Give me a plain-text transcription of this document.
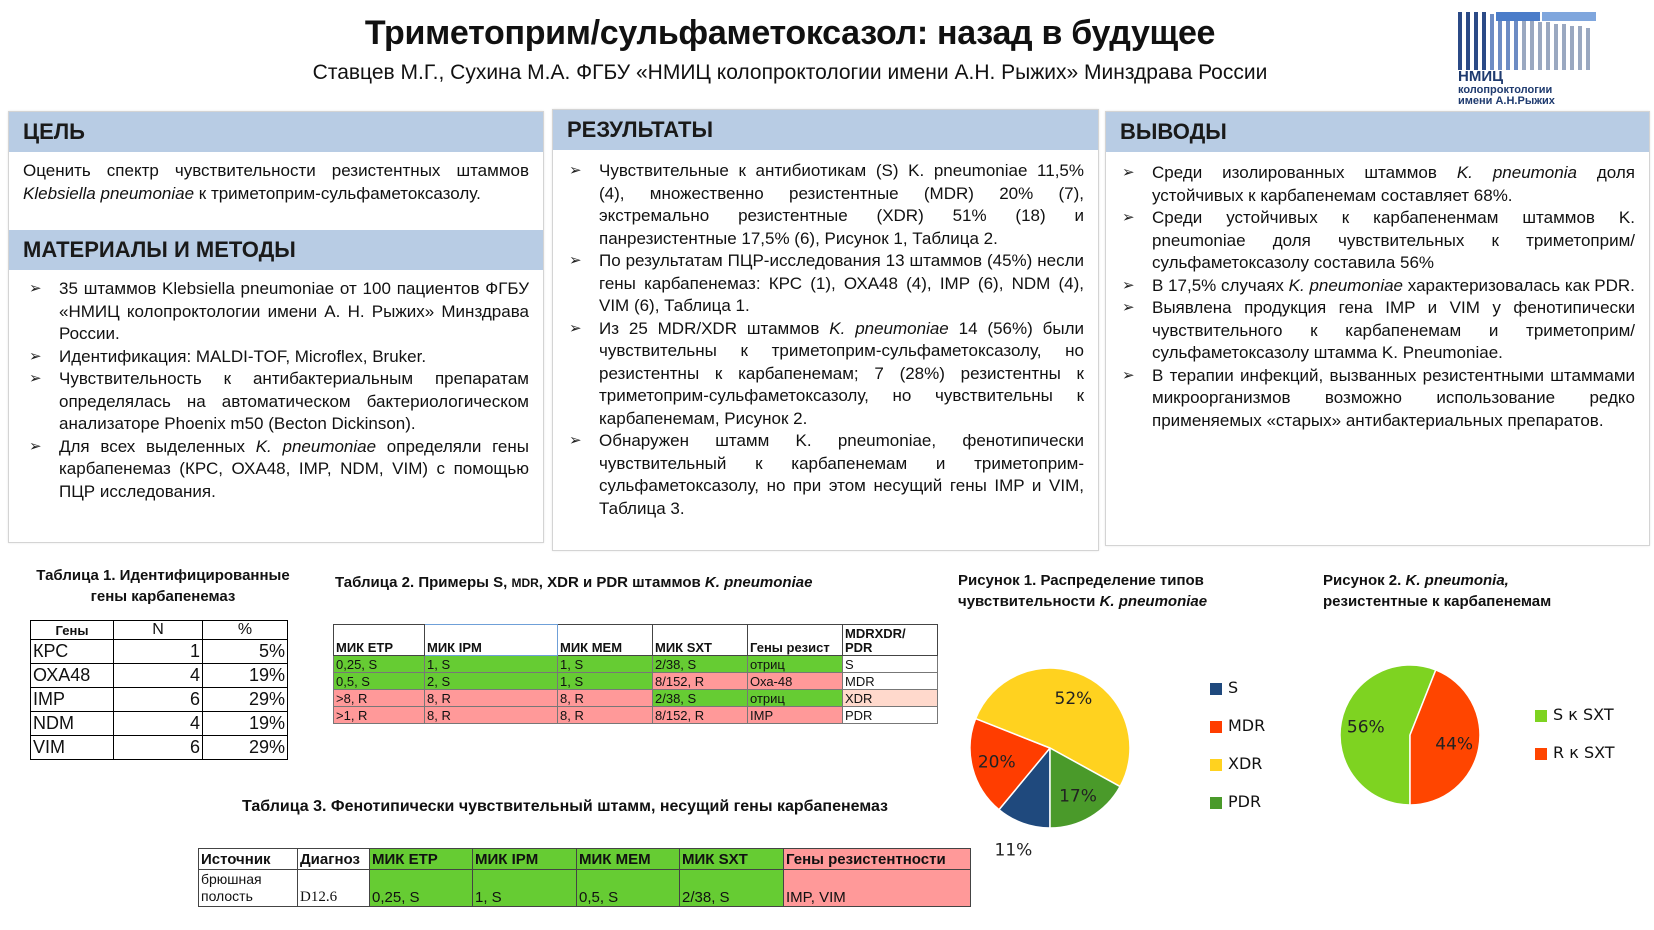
Триметоприм/сульфаметоксазол: назад в будущее
Ставцев М.Г., Сухина М.А. ФГБУ «НМИЦ колопроктологии имени А.Н. Рыжих» Минздрава России	НМИЦ
колопроктологии
имени А.Н.Рыжих
ЦЕЛЬ
Оценить спектр чувствительности резистентных штаммов Klebsiella pneumoniae к триметоприм-сульфаметоксазолу.
МАТЕРИАЛЫ И МЕТОДЫ
➢ 35 штаммов Klebsiella pneumoniae от 100 пациентов ФГБУ «НМИЦ колопроктологии имени А. Н. Рыжих» Минздрава России.
➢ Идентификация: MALDI-TOF, Microflex, Bruker.
➢ Чувствительность к антибактериальным препаратам определялась на автоматическом бактериологическом анализаторе Phoenix m50 (Becton Dickinson).
➢ Для всех выделенных K. pneumoniae определяли гены карбапенемаз (КРС, ОХА48, IMP, NDM, VIM) с помощью ПЦР исследования.
РЕЗУЛЬТАТЫ
➢ Чувствительные к антибиотикам (S) K. pneumoniae 11,5% (4), множественно резистентные (MDR) 20% (7), экстремально резистентные (XDR) 51% (18) и панрезистентные 17,5% (6), Рисунок 1, Таблица 2.
➢ По результатам ПЦР-исследования 13 штаммов (45%) несли гены карбапенемаз: КРС (1), ОХА48 (4), IMP (6), NDM (4), VIM (6), Таблица 1.
➢ Из 25 MDR/XDR штаммов K. pneumoniae 14 (56%) были чувствительны к триметоприм-сульфаметоксазолу, но резистентны к карбапенемам; 7 (28%) резистентны к триметоприм-сульфаметоксазолу, но чувствительны к карбапенемам, Рисунок 2.
➢ Обнаружен штамм K. pneumoniae, фенотипически чувствительный к карбапенемам и триметоприм-сульфаметоксазолу, но при этом несущий гены IMP и VIM, Таблица 3.
ВЫВОДЫ
➢ Среди изолированных штаммов K. pneumonia доля устойчивых к карбапенемам составляет 68%.
➢ Среди устойчивых к карбапененмам штаммов K. pneumoniae доля чувствительных к триметоприм/сульфаметоксазолу составила 56%
➢ В 17,5% случаях K. pneumoniae характеризовалась как PDR.
➢ Выявлена продукция гена IMP и VIM у фенотипически чувствительного к карбапенемам и триметоприм/сульфаметоксазолу штамма K. Pneumoniae.
➢ В терапии инфекций, вызванных резистентными штаммами микроорганизмов возможно использование редко применяемых «старых» антибактериальных препаратов.
Таблица 1. Идентифицированные гены карбапенемаз
Гены	N	%
КРС	1	5%
ОХА48	4	19%
IMP	6	29%
NDM	4	19%
VIM	6	29%
Таблица 2. Примеры S, MDR, XDR и PDR штаммов K. pneumoniae
МИК ЕТР	МИК IPM	МИК МЕМ	МИК SXT	Гены резист	MDRXDR/ PDR
0,25, S	1, S	1, S	2/38, S	отриц	S
0,5, S	2, S	1, S	8/152, R	Оха-48	MDR
>8, R	8, R	8, R	2/38, S	отриц	XDR
>1, R	8, R	8, R	8/152, R	IMP	PDR
Таблица 3. Фенотипически чувствительный штамм, несущий гены карбапенемаз
Источник	Диагноз	МИК ЕТР	МИК IPM	МИК МЕМ	МИК SXT	Гены резистентности
брюшная полость	D12.6	0,25, S	1, S	0,5, S	2/38, S	IMP, VIM
Рисунок 1. Распределение типов чувствительности K. pneumoniae
11%
20%
52%
17%
S
MDR
XDR
PDR
Рисунок 2. K. pneumonia,
резистентные к карбапенемам
56%
44%
S к SXT
R к SXT
